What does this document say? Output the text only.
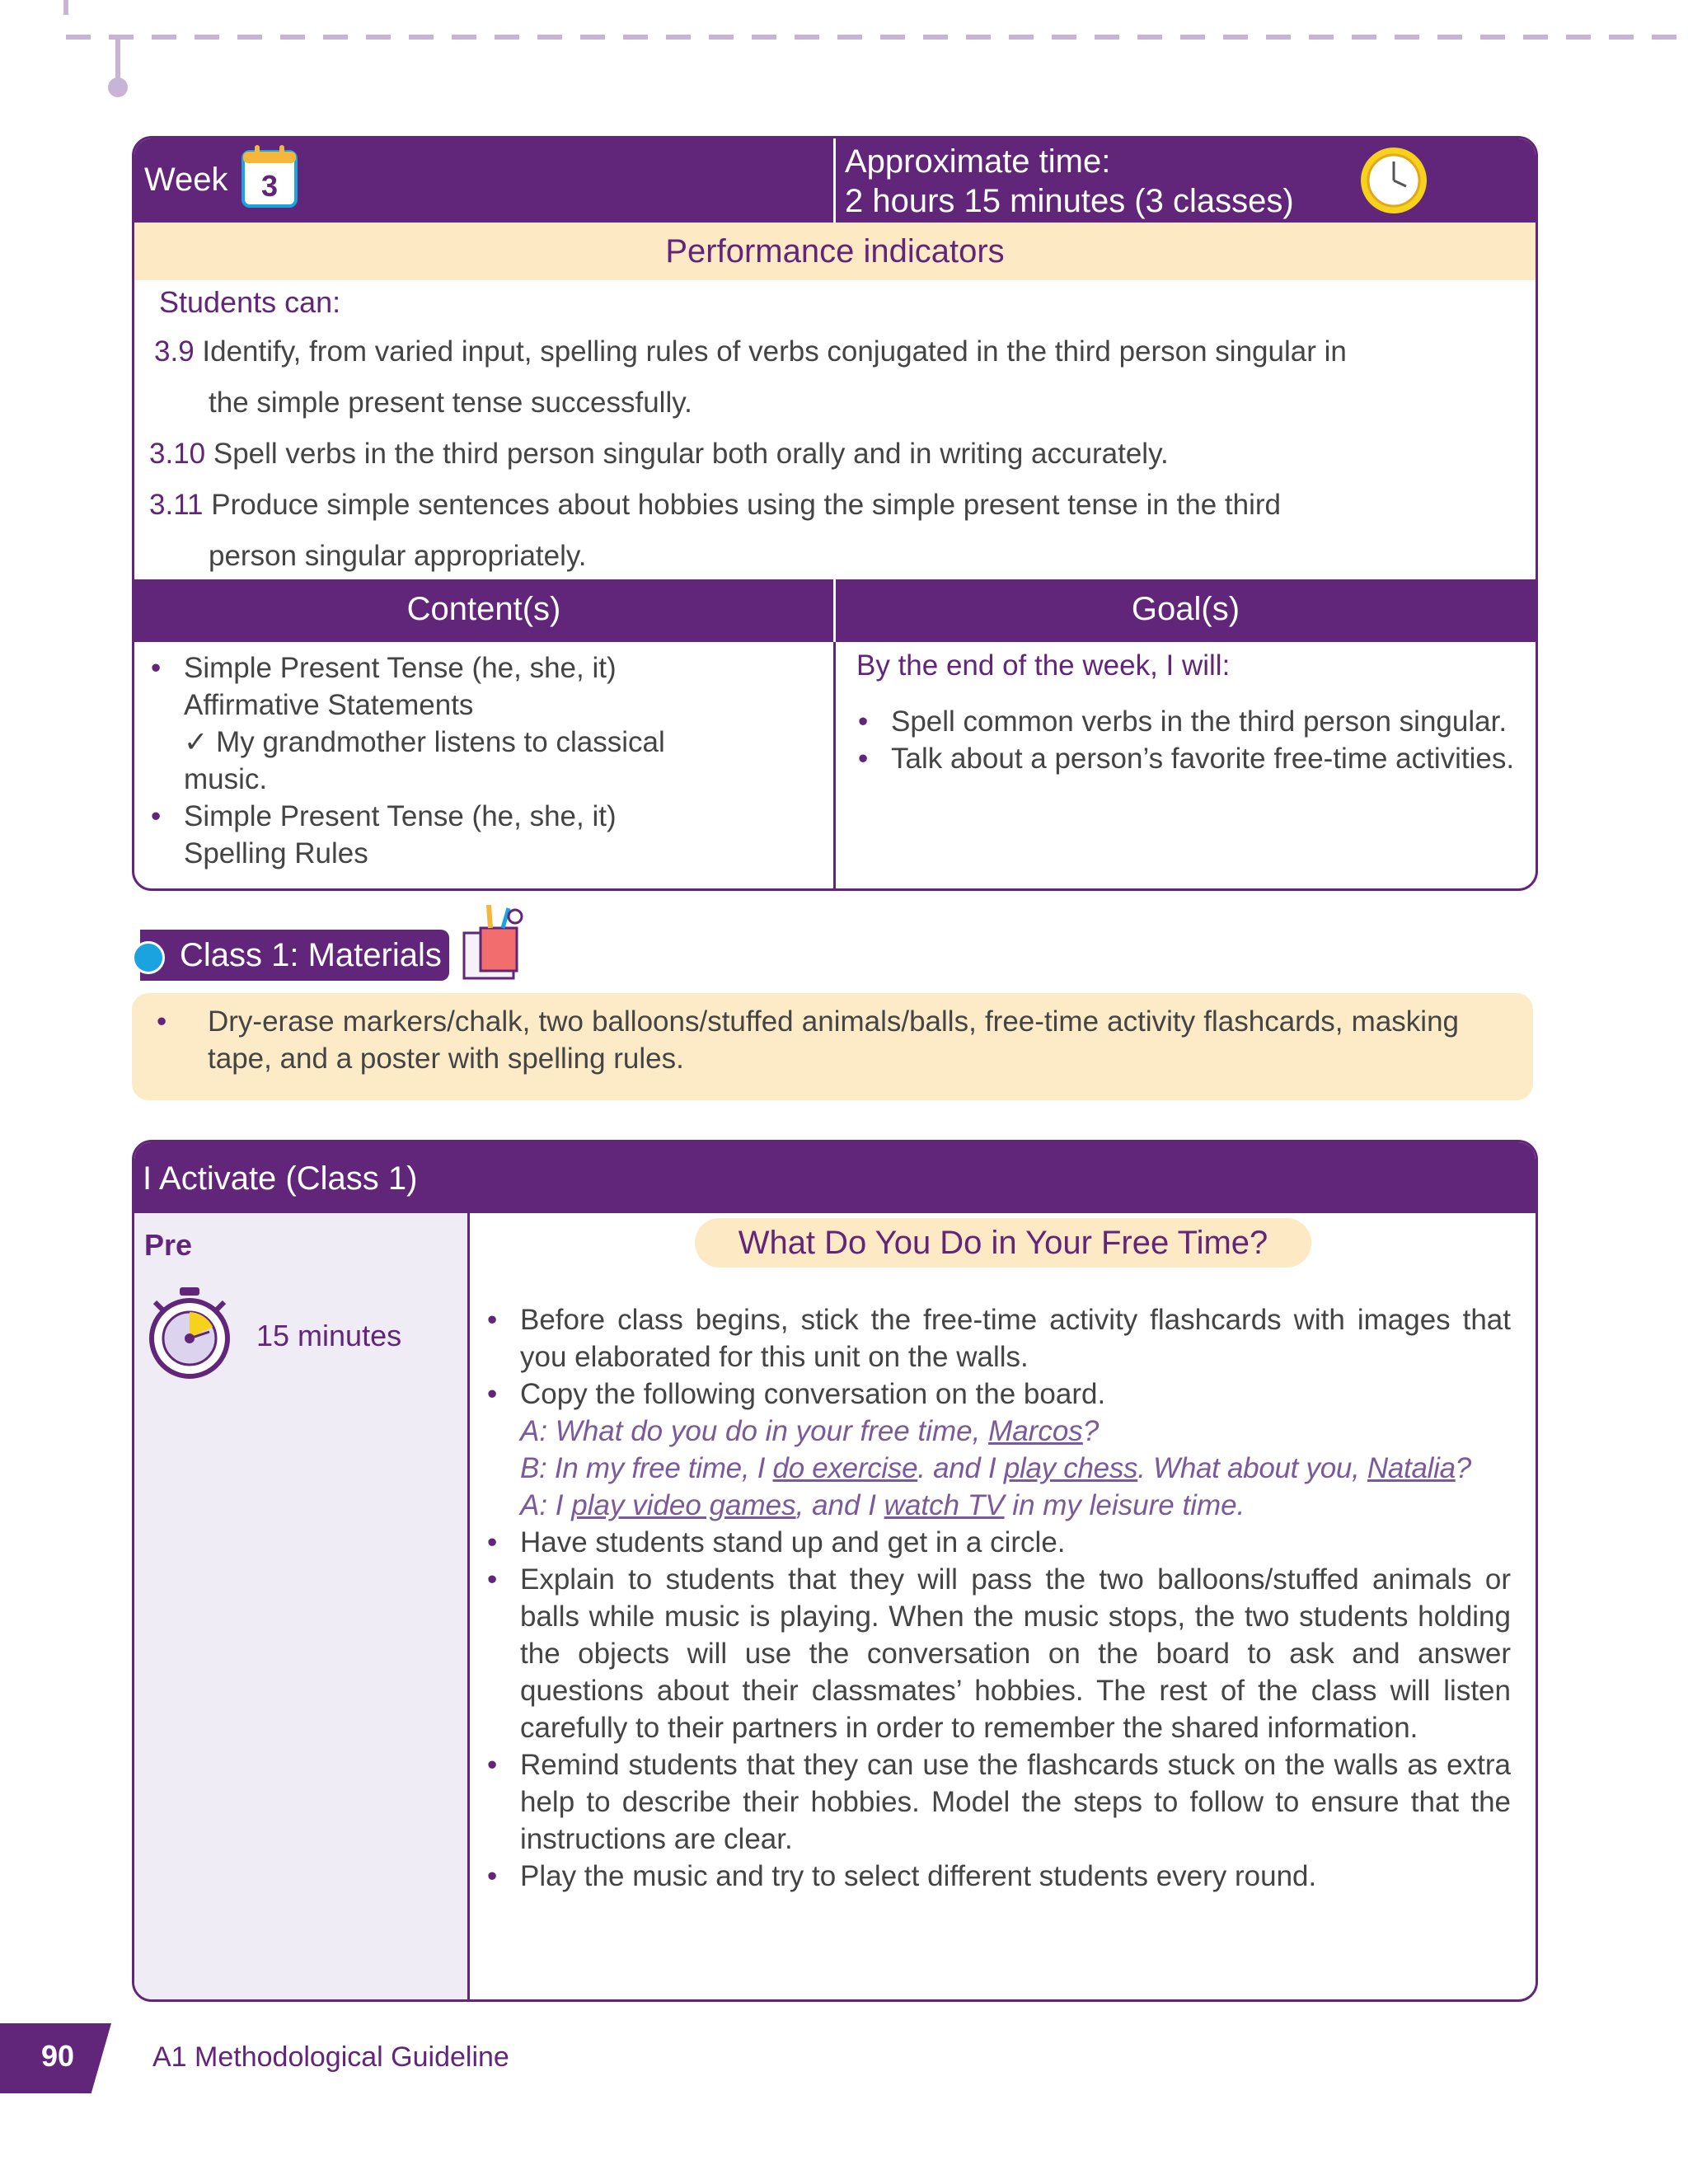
Week 3
Approximate time:
2 hours 15 minutes (3 classes)
Performance indicators
Students can:
3.9 Identify, from varied input, spelling rules of verbs conjugated in the third person singular in
the simple present tense successfully.
3.10 Spell verbs in the third person singular both orally and in writing accurately.
3.11 Produce simple sentences about hobbies using the simple present tense in the third
person singular appropriately.
Content(s)	Goal(s)
• Simple Present Tense (he, she, it)
Affirmative Statements
✓ My grandmother listens to classical
music.
• Simple Present Tense (he, she, it)
Spelling Rules
By the end of the week, I will:
• Spell common verbs in the third person singular.
• Talk about a person’s favorite free-time activities.
Class 1: Materials
•	Dry-erase markers/chalk, two balloons/stuffed animals/balls, free-time activity flashcards, masking tape, and a poster with spelling rules.
I Activate (Class 1)
Pre
15 minutes
What Do You Do in Your Free Time?
• Before class begins, stick the free-time activity flashcards with images that you elaborated for this unit on the walls.
• Copy the following conversation on the board.
A: What do you do in your free time, Marcos?
B: In my free time, I do exercise. and I play chess. What about you, Natalia?
A: I play video games, and I watch TV in my leisure time.
• Have students stand up and get in a circle.
• Explain to students that they will pass the two balloons/stuffed animals or balls while music is playing. When the music stops, the two students holding the objects will use the conversation on the board to ask and answer questions about their classmates’ hobbies. The rest of the class will listen carefully to their partners in order to remember the shared information.
• Remind students that they can use the flashcards stuck on the walls as extra help to describe their hobbies. Model the steps to follow to ensure that the instructions are clear.
• Play the music and try to select different students every round.
90	A1 Methodological Guideline
